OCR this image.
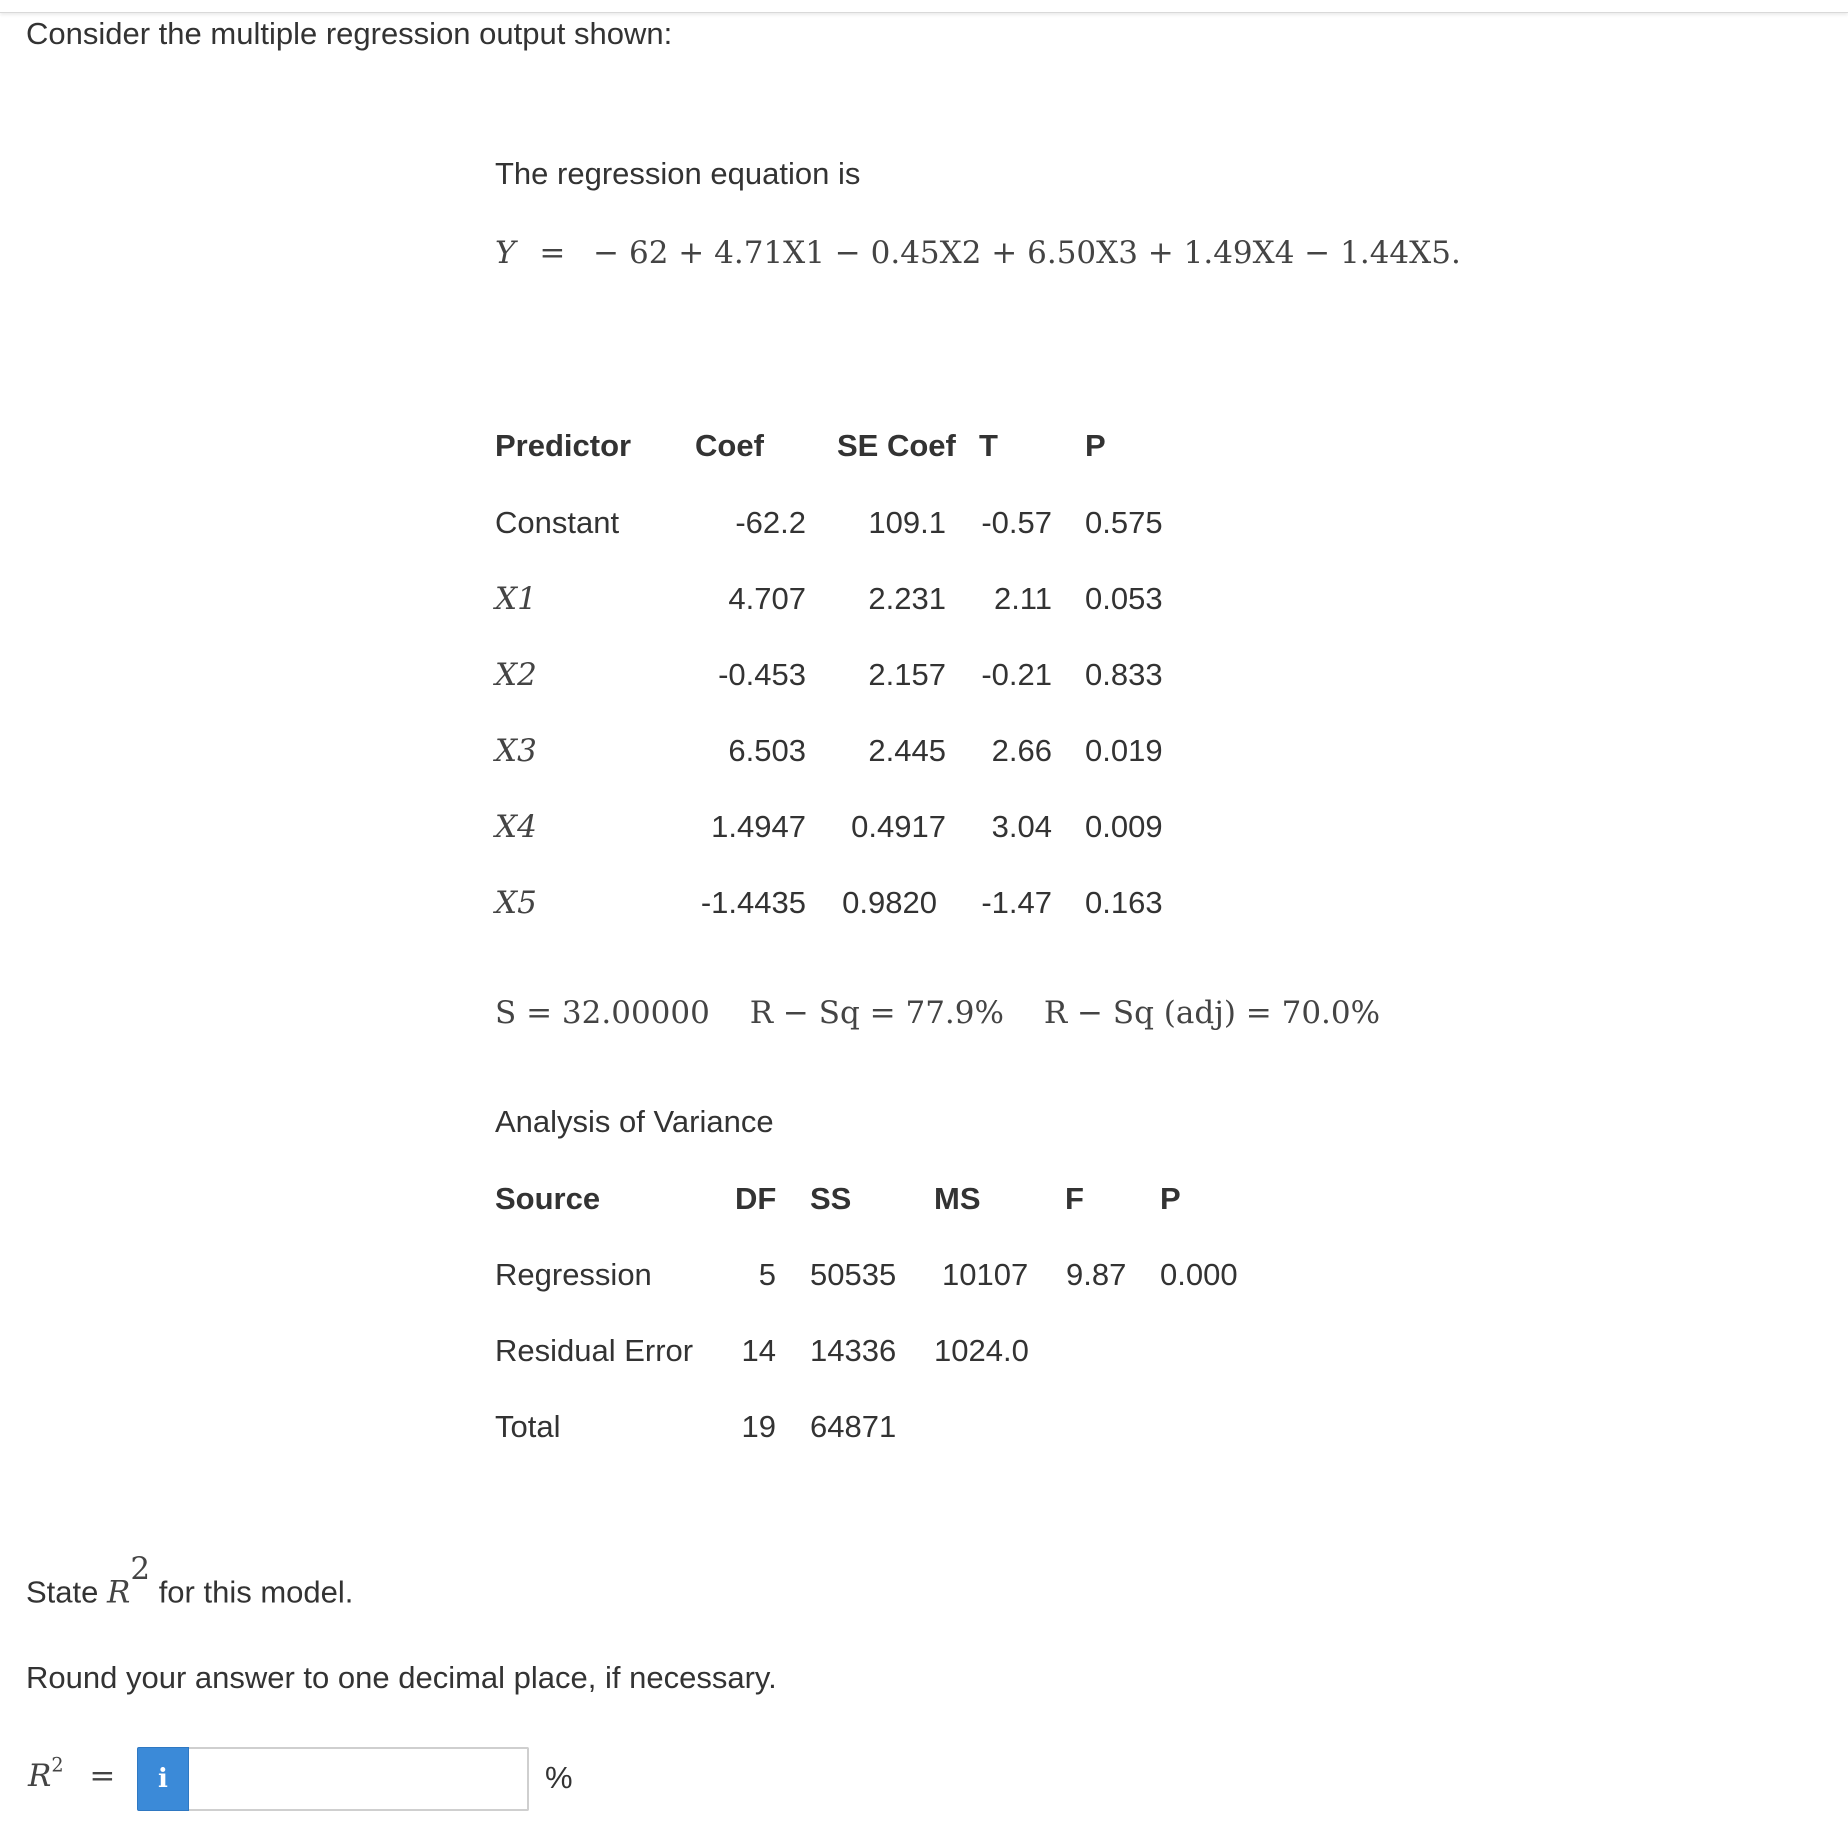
Consider the multiple regression output shown:
The regression equation is
Y = − 62 + 4.71X1 − 0.45X2 + 6.50X3 + 1.49X4 − 1.44X5.
Predictor Coef SE Coef T	P
Constant	-62.2 109.1 -0.57 0.575
X1	4.707 2.231 2.11 0.053
X2	-0.453 2.157 -0.21 0.833
X3	6.503 2.445 2.66 0.019
X4	1.4947 0.4917 3.04 0.009
X5	-1.4435 0.9820 -1.47 0.163
S = 32.00000 R − Sq = 77.9% R − Sq (adj) = 70.0%
Analysis of Variance
Source	DF SS	MS	F P
Regression	5 50535 10107 9.87 0.000
Residual Error 14 14336 1024.0
Total	19 64871
State $R^2$ for this model.
Round your answer to one decimal place, if necessary.
$R^2$ =	i	%
